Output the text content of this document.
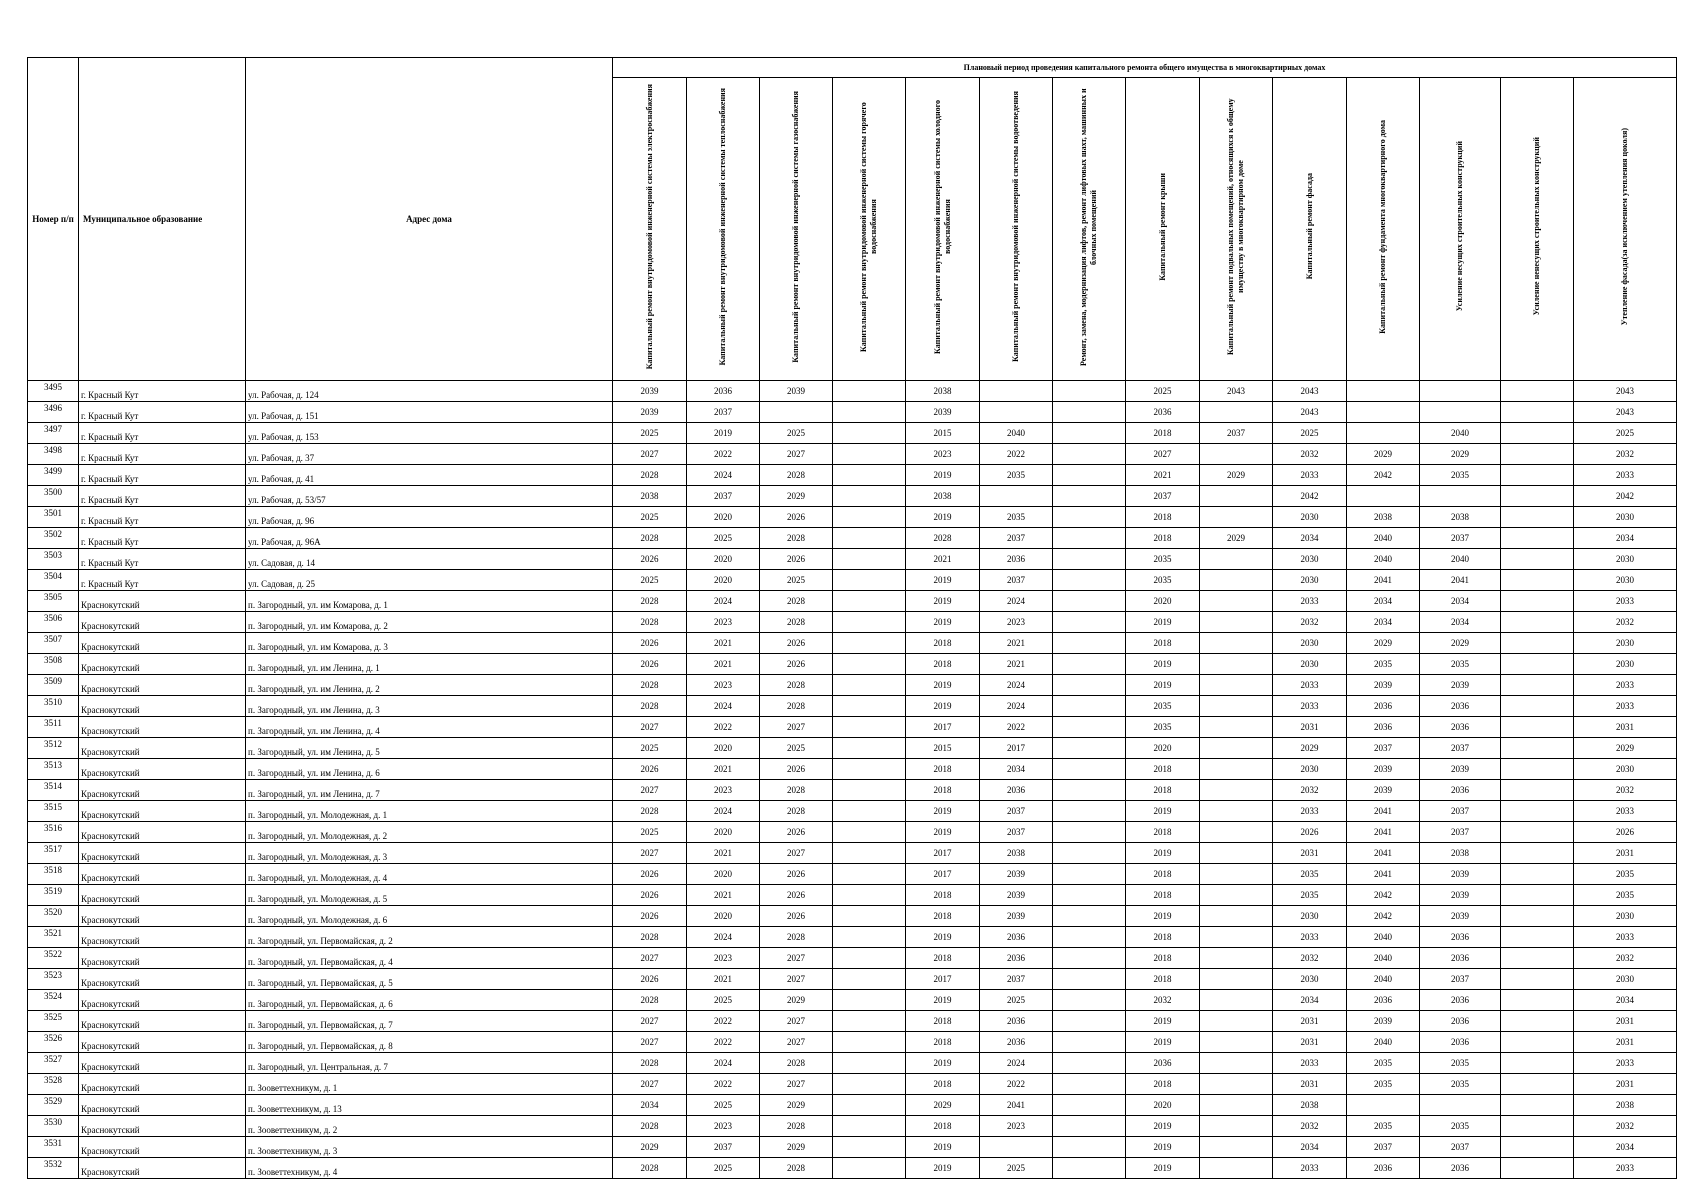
Номер п/п	Муниципальное образование	Адрес дома	Плановый период проведения капитального ремонта общего имущества в многоквартирных домах													
			Капитальный ремонт внутридомовой инженерной системы электроснабжения	Капитальный ремонт внутридомовой инженерной системы теплоснабжения	Капитальный ремонт внутридомовой инженерной системы газоснабжения	Капитальный ремонт внутридомовой инженерной системы горячего водоснабжения	Капитальный ремонт внутридомовой инженерной системы холодного водоснабжения	Капитальный ремонт внутридомовой инженерной системы водоотведения	Ремонт, замена, модернизация лифтов, ремонт лифтовых шахт, машинных и блочных помещений	Капитальный ремонт крыши	Капитальный ремонт подвальных помещений, относящихся к общему имуществу в многоквартирном доме	Капитальный ремонт фасада	Капитальный ремонт фундамента многоквартирного дома	Усиление несущих строительных конструкций	Усиление ненесущих строительных конструкций	Утепление фасада(за исключением утепления цоколя)
3495	г. Красный Кут	ул. Рабочая, д. 124	2039	2036	2039		2038			2025	2043	2043				2043
3496	г. Красный Кут	ул. Рабочая, д. 151	2039	2037			2039			2036		2043				2043
3497	г. Красный Кут	ул. Рабочая, д. 153	2025	2019	2025		2015	2040		2018	2037	2025		2040		2025
3498	г. Красный Кут	ул. Рабочая, д. 37	2027	2022	2027		2023	2022		2027		2032	2029	2029		2032
3499	г. Красный Кут	ул. Рабочая, д. 41	2028	2024	2028		2019	2035		2021	2029	2033	2042	2035		2033
3500	г. Красный Кут	ул. Рабочая, д. 53/57	2038	2037	2029		2038			2037		2042				2042
3501	г. Красный Кут	ул. Рабочая, д. 96	2025	2020	2026		2019	2035		2018		2030	2038	2038		2030
3502	г. Красный Кут	ул. Рабочая, д. 96А	2028	2025	2028		2028	2037		2018	2029	2034	2040	2037		2034
3503	г. Красный Кут	ул. Садовая, д. 14	2026	2020	2026		2021	2036		2035		2030	2040	2040		2030
3504	г. Красный Кут	ул. Садовая, д. 25	2025	2020	2025		2019	2037		2035		2030	2041	2041		2030
3505	Краснокутский	п. Загородный, ул. им Комарова, д. 1	2028	2024	2028		2019	2024		2020		2033	2034	2034		2033
3506	Краснокутский	п. Загородный, ул. им Комарова, д. 2	2028	2023	2028		2019	2023		2019		2032	2034	2034		2032
3507	Краснокутский	п. Загородный, ул. им Комарова, д. 3	2026	2021	2026		2018	2021		2018		2030	2029	2029		2030
3508	Краснокутский	п. Загородный, ул. им Ленина, д. 1	2026	2021	2026		2018	2021		2019		2030	2035	2035		2030
3509	Краснокутский	п. Загородный, ул. им Ленина, д. 2	2028	2023	2028		2019	2024		2019		2033	2039	2039		2033
3510	Краснокутский	п. Загородный, ул. им Ленина, д. 3	2028	2024	2028		2019	2024		2035		2033	2036	2036		2033
3511	Краснокутский	п. Загородный, ул. им Ленина, д. 4	2027	2022	2027		2017	2022		2035		2031	2036	2036		2031
3512	Краснокутский	п. Загородный, ул. им Ленина, д. 5	2025	2020	2025		2015	2017		2020		2029	2037	2037		2029
3513	Краснокутский	п. Загородный, ул. им Ленина, д. 6	2026	2021	2026		2018	2034		2018		2030	2039	2039		2030
3514	Краснокутский	п. Загородный, ул. им Ленина, д. 7	2027	2023	2028		2018	2036		2018		2032	2039	2036		2032
3515	Краснокутский	п. Загородный, ул. Молодежная, д. 1	2028	2024	2028		2019	2037		2019		2033	2041	2037		2033
3516	Краснокутский	п. Загородный, ул. Молодежная, д. 2	2025	2020	2026		2019	2037		2018		2026	2041	2037		2026
3517	Краснокутский	п. Загородный, ул. Молодежная, д. 3	2027	2021	2027		2017	2038		2019		2031	2041	2038		2031
3518	Краснокутский	п. Загородный, ул. Молодежная, д. 4	2026	2020	2026		2017	2039		2018		2035	2041	2039		2035
3519	Краснокутский	п. Загородный, ул. Молодежная, д. 5	2026	2021	2026		2018	2039		2018		2035	2042	2039		2035
3520	Краснокутский	п. Загородный, ул. Молодежная, д. 6	2026	2020	2026		2018	2039		2019		2030	2042	2039		2030
3521	Краснокутский	п. Загородный, ул. Первомайская, д. 2	2028	2024	2028		2019	2036		2018		2033	2040	2036		2033
3522	Краснокутский	п. Загородный, ул. Первомайская, д. 4	2027	2023	2027		2018	2036		2018		2032	2040	2036		2032
3523	Краснокутский	п. Загородный, ул. Первомайская, д. 5	2026	2021	2027		2017	2037		2018		2030	2040	2037		2030
3524	Краснокутский	п. Загородный, ул. Первомайская, д. 6	2028	2025	2029		2019	2025		2032		2034	2036	2036		2034
3525	Краснокутский	п. Загородный, ул. Первомайская, д. 7	2027	2022	2027		2018	2036		2019		2031	2039	2036		2031
3526	Краснокутский	п. Загородный, ул. Первомайская, д. 8	2027	2022	2027		2018	2036		2019		2031	2040	2036		2031
3527	Краснокутский	п. Загородный, ул. Центральная, д. 7	2028	2024	2028		2019	2024		2036		2033	2035	2035		2033
3528	Краснокутский	п. Зооветтехникум, д. 1	2027	2022	2027		2018	2022		2018		2031	2035	2035		2031
3529	Краснокутский	п. Зооветтехникум, д. 13	2034	2025	2029		2029	2041		2020		2038				2038
3530	Краснокутский	п. Зооветтехникум, д. 2	2028	2023	2028		2018	2023		2019		2032	2035	2035		2032
3531	Краснокутский	п. Зооветтехникум, д. 3	2029	2037	2029		2019			2019		2034	2037	2037		2034
3532	Краснокутский	п. Зооветтехникум, д. 4	2028	2025	2028		2019	2025		2019		2033	2036	2036		2033
